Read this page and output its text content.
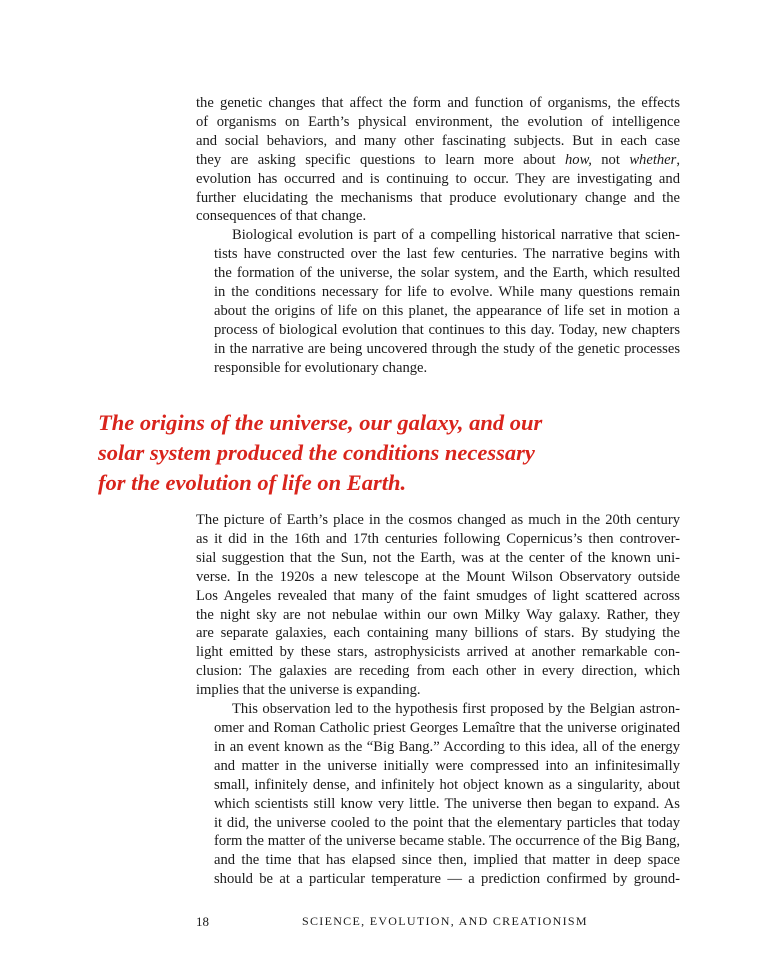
the genetic changes that affect the form and function of organisms, the effects
of organisms on Earth’s physical environment, the evolution of intelligence
and social behaviors, and many other fascinating subjects. But in each case
they are asking specific questions to learn more about how, not whether,
evolution has occurred and is continuing to occur. They are investigating and
further elucidating the mechanisms that produce evolutionary change and the
consequences of that change.

Biological evolution is part of a compelling historical narrative that scien-
tists have constructed over the last few centuries. The narrative begins with
the formation of the universe, the solar system, and the Earth, which resulted
in the conditions necessary for life to evolve. While many questions remain
about the origins of life on this planet, the appearance of life set in motion a
process of biological evolution that continues to this day. Today, new chapters
in the narrative are being uncovered through the study of the genetic processes
responsible for evolutionary change.

The origins of the universe, our galaxy, and our
solar system produced the conditions necessary
for the evolution of life on Earth.

The picture of Earth’s place in the cosmos changed as much in the 20th century
as it did in the 16th and 17th centuries following Copernicus’s then controver-
sial suggestion that the Sun, not the Earth, was at the center of the known uni-
verse. In the 1920s a new telescope at the Mount Wilson Observatory outside
Los Angeles revealed that many of the faint smudges of light scattered across
the night sky are not nebulae within our own Milky Way galaxy. Rather, they
are separate galaxies, each containing many billions of stars. By studying the
light emitted by these stars, astrophysicists arrived at another remarkable con-
clusion: The galaxies are receding from each other in every direction, which
implies that the universe is expanding.

This observation led to the hypothesis first proposed by the Belgian astron-
omer and Roman Catholic priest Georges Lemaître that the universe originated
in an event known as the “Big Bang.” According to this idea, all of the energy
and matter in the universe initially were compressed into an infinitesimally
small, infinitely dense, and infinitely hot object known as a singularity, about
which scientists still know very little. The universe then began to expand. As
it did, the universe cooled to the point that the elementary particles that today
form the matter of the universe became stable. The occurrence of the Big Bang,
and the time that has elapsed since then, implied that matter in deep space
should be at a particular temperature — a prediction confirmed by ground-

18	SCIENCE, EVOLUTION, AND CREATIONISM
